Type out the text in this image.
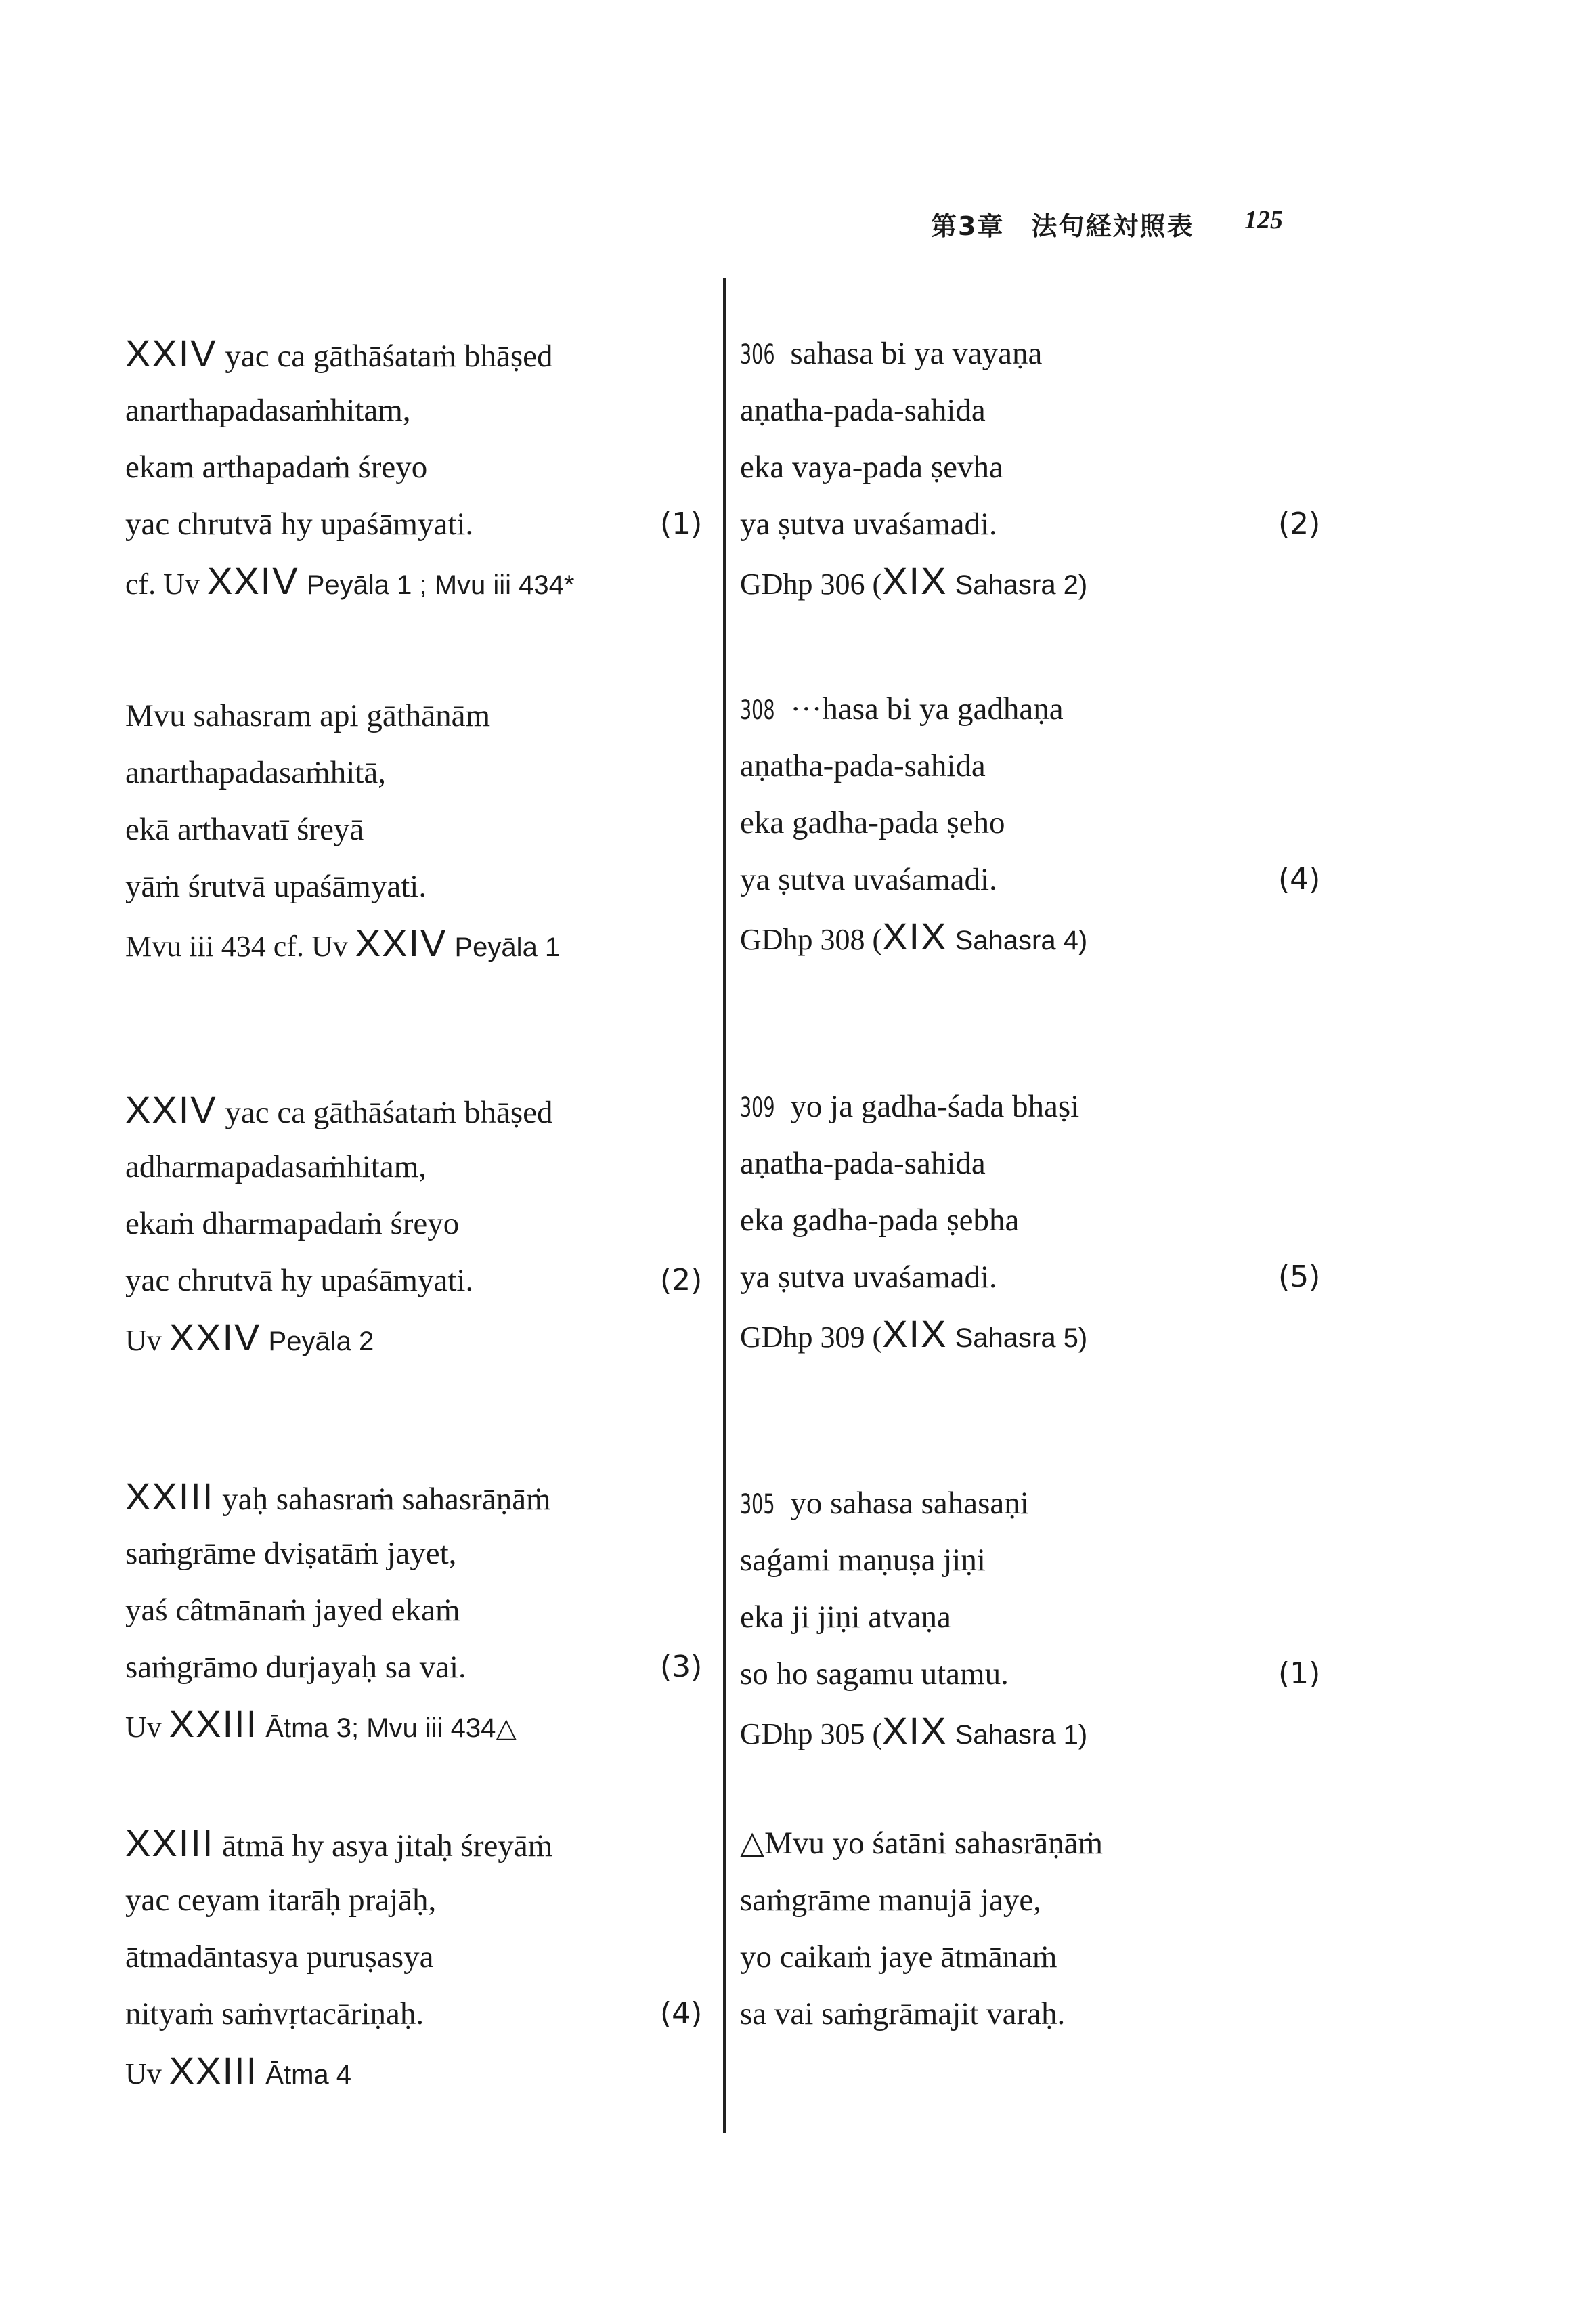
第3章　法句経対照表 125
XXIV yac ca gāthāśataṁ bhāṣed
anarthapadasaṁhitam,
ekam arthapadaṁ śreyo
yac chrutvā hy upaśāmyati.	(1)
cf. Uv XXIV Peyāla 1 ; Mvu iii 434*
Mvu sahasram api gāthānām
anarthapadasaṁhitā,
ekā arthavatī śreyā
yāṁ śrutvā upaśāmyati.
Mvu iii 434 cf. Uv XXIV Peyāla 1
XXIV yac ca gāthāśataṁ bhāṣed
adharmapadasaṁhitam,
ekaṁ dharmapadaṁ śreyo
yac chrutvā hy upaśāmyati.	(2)
Uv XXIV Peyāla 2
XXIII yaḥ sahasraṁ sahasrāṇāṁ
saṁgrāme dviṣatāṁ jayet,
yaś câtmānaṁ jayed ekaṁ
saṁgrāmo durjayaḥ sa vai.	(3)
Uv XXIII Ātma 3; Mvu iii 434△
XXIII ātmā hy asya jitaḥ śreyāṁ
yac ceyam itarāḥ prajāḥ,
ātmadāntasya puruṣasya
nityaṁ saṁvṛtacāriṇaḥ.	(4)
Uv XXIII Ātma 4
306 sahasa bi ya vayaṇa
aṇatha-pada-sahida
eka vaya-pada ṣevha
ya ṣutva uvaśamadi.	(2)
GDhp 306 (XIX Sahasra 2)
308 ···hasa bi ya gadhaṇa
aṇatha-pada-sahida
eka gadha-pada ṣeho
ya ṣutva uvaśamadi.	(4)
GDhp 308 (XIX Sahasra 4)
309 yo ja gadha-śada bhaṣi
aṇatha-pada-sahida
eka gadha-pada ṣebha
ya ṣutva uvaśamadi.	(5)
GDhp 309 (XIX Sahasra 5)
305 yo sahasa sahasaṇi
saǵami maṇuṣa jiṇi
eka ji jiṇi atvaṇa
so ho sagamu utamu.	(1)
GDhp 305 (XIX Sahasra 1)
△Mvu yo śatāni sahasrāṇāṁ
saṁgrāme manujā jaye,
yo caikaṁ jaye ātmānaṁ
sa vai saṁgrāmajit varaḥ.
